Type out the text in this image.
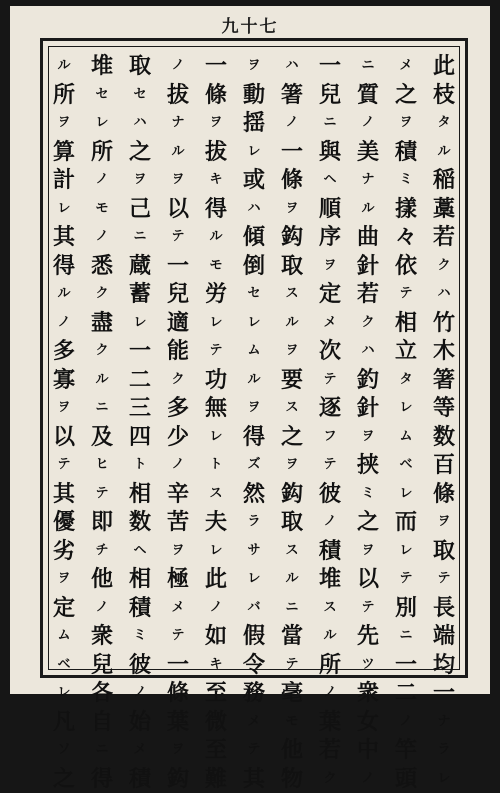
九十七
此
枝
タ
ル
稲
藁
若
ク
ハ
竹
木
箸
等
数
百
條
ヲ
取
テ
長
端
均
一
ナ
ラ
レ
メ
之
ヲ
積
ミ
㨾
々
依
テ
相
立
タ
レ
ム
ベ
レ
而
レ
テ
別
ニ
一
二
ノ
竿
頭
ニ
質
ノ
美
ナ
ル
曲
針
若
ク
ハ
釣
針
ヲ
挟
ミ
之
ヲ
以
テ
先
ツ
衆
女
中
ノ
一
兒
ニ
與
ヘ
順
序
ヲ
定
メ
次
テ
逐
フ
テ
彼
ノ
積
堆
ス
ル
所
ノ
葉
若
ク
ハ
箸
ノ
一
條
ヲ
鈎
取
ス
ル
ヲ
要
ス
之
ヲ
鈎
取
ス
ル
ニ
當
テ
毫
モ
他
物
ヲ
動
揺
レ
或
ハ
傾
倒
セ
レ
ム
ル
ヲ
得
ズ
然
ラ
サ
レ
バ
假
令
務
メ
テ
其
一
條
ヲ
拔
キ
得
ル
モ
労
レ
テ
功
無
レ
ト
ス
夫
レ
此
ノ
如
キ
至
微
至
難
ノ
拔
ナ
ル
ヲ
以
テ
一
兒
適
能
ク
多
少
ノ
辛
苦
ヲ
極
メ
テ
一
條
葉
ヲ
鈎
取
セ
ハ
之
ヲ
己
ニ
蔵
蓄
レ
一
二
三
四
ト
相
数
ヘ
相
積
ミ
彼
ノ
始
メ
積
堆
セ
レ
所
ノ
モ
ノ
悉
ク
盡
ク
ル
ニ
及
ヒ
テ
即
チ
他
ノ
衆
兒
各
自
ニ
得
ル
所
ヲ
算
計
レ
其
得
ル
ノ
多
寡
ヲ
以
テ
其
優
劣
ヲ
定
ム
ベ
レ
凡
ソ
之
